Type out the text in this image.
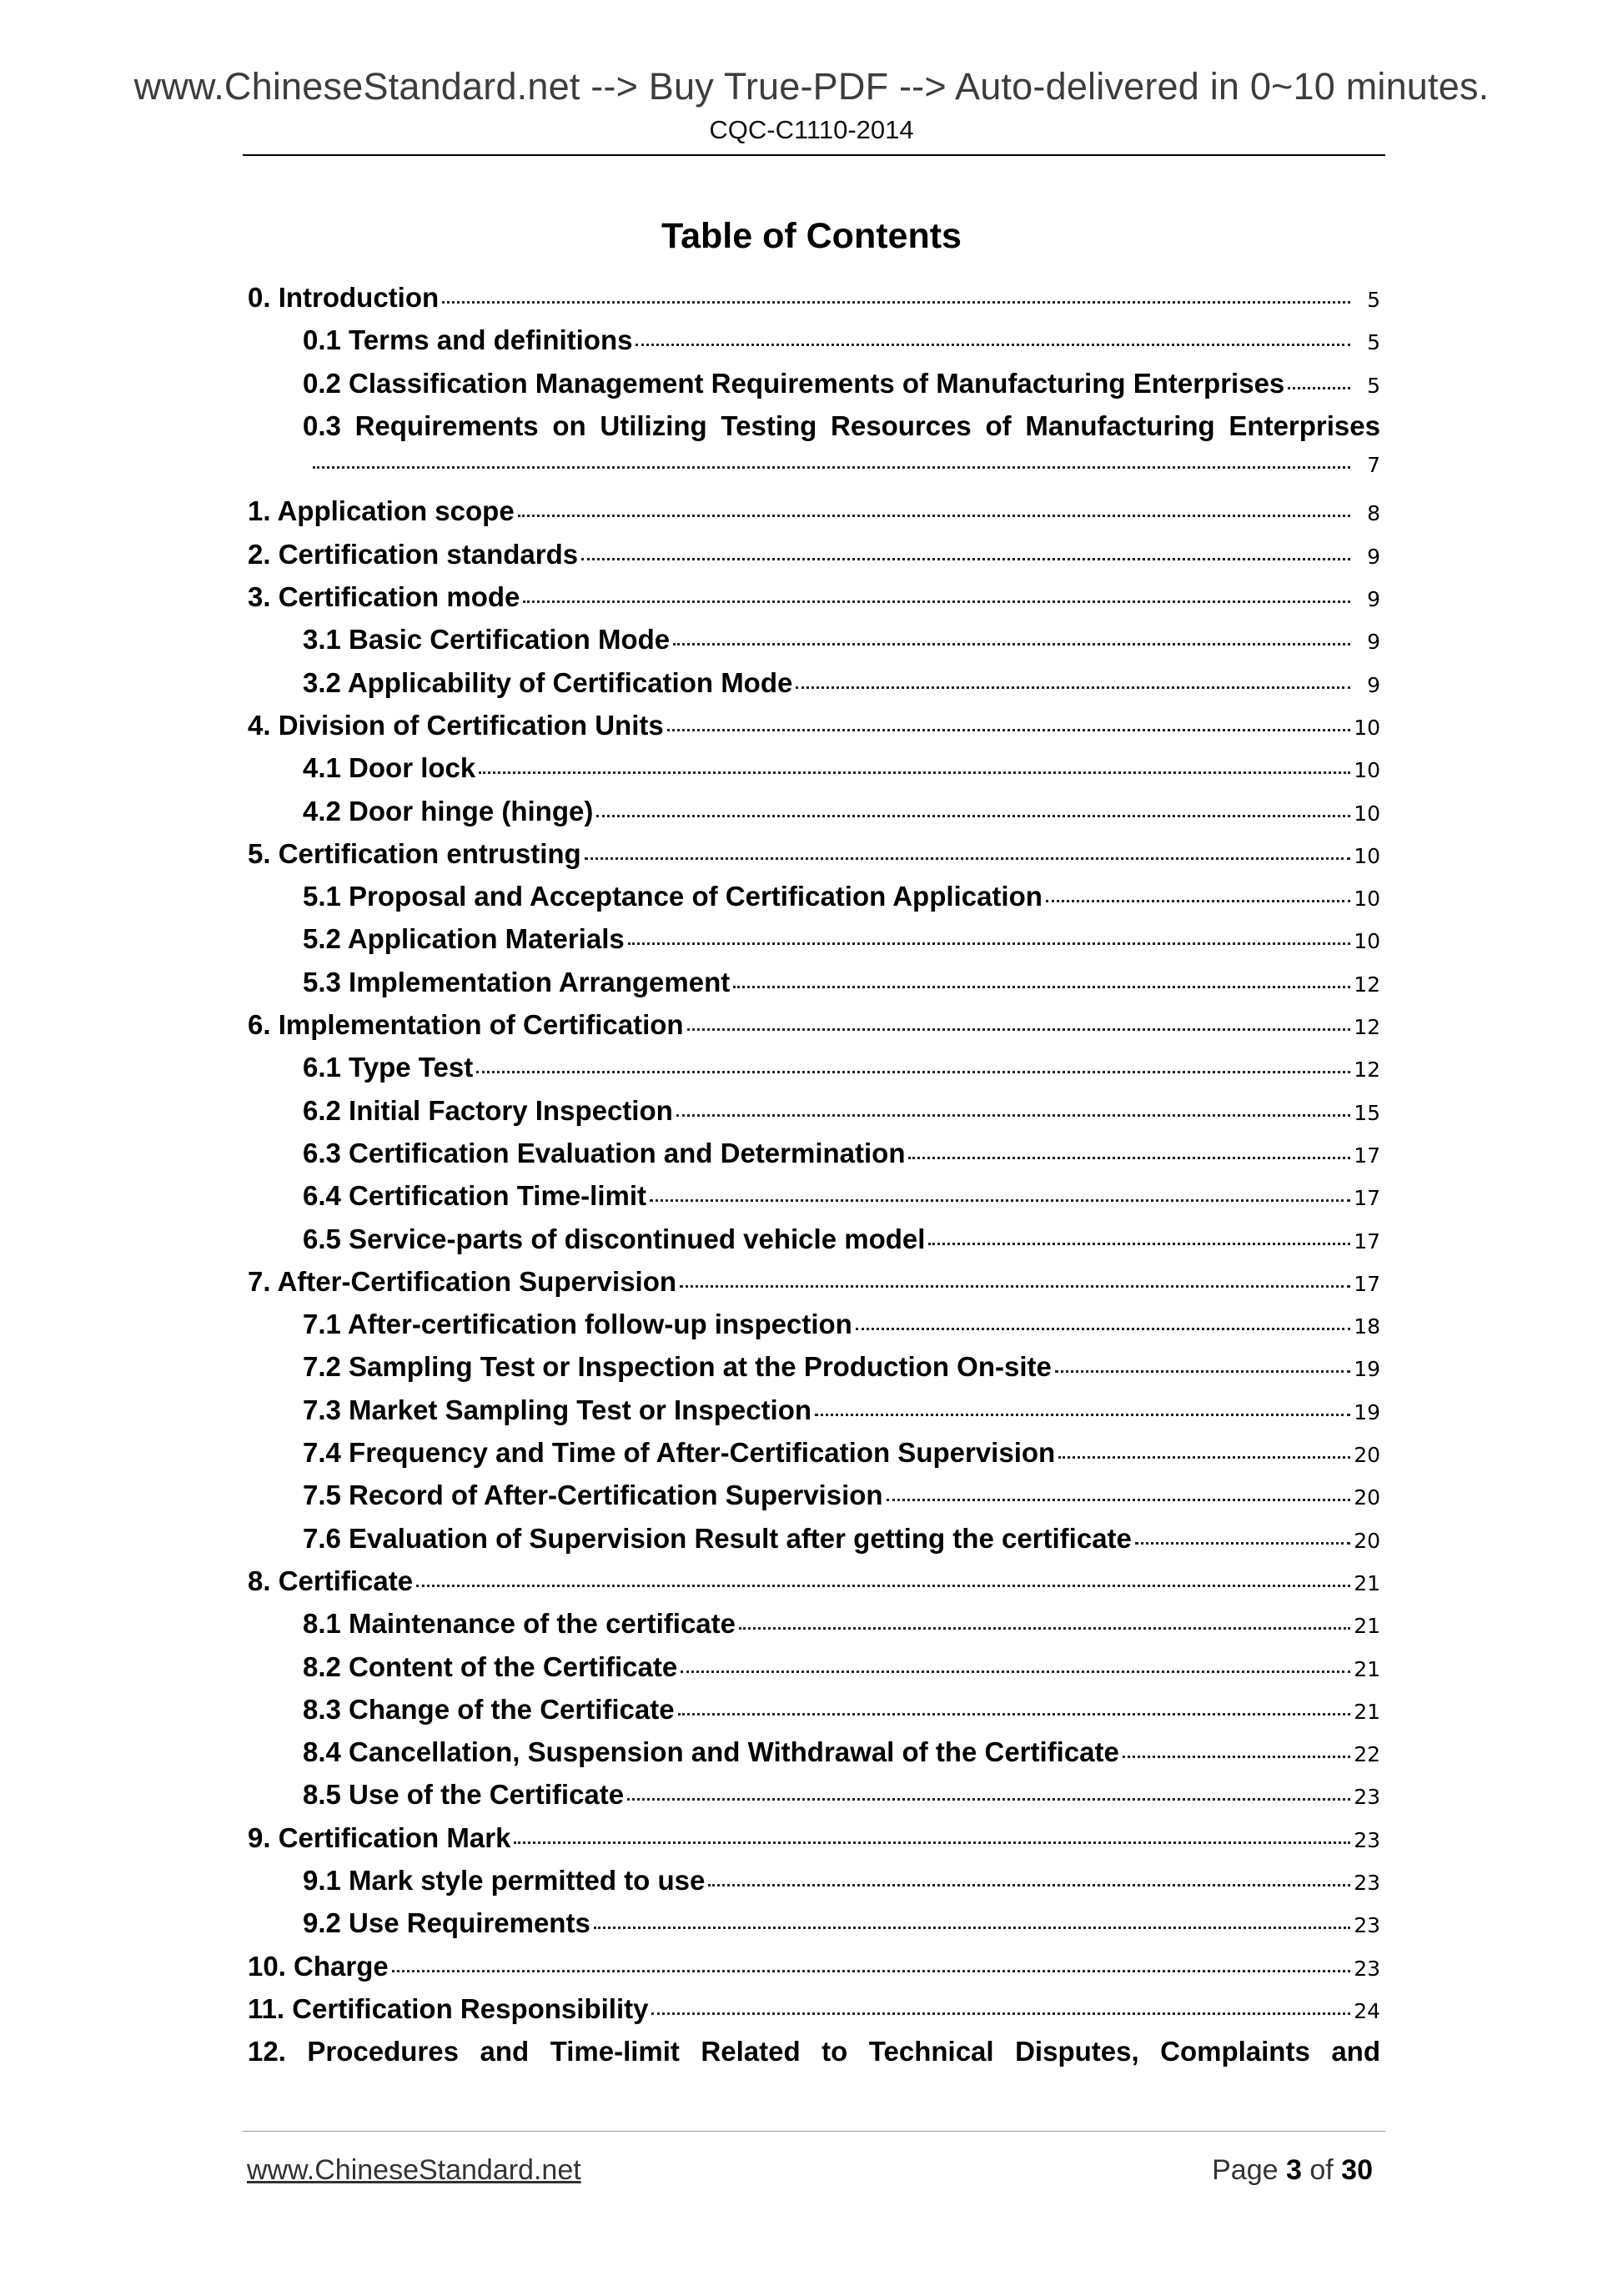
www.ChineseStandard.net --> Buy True-PDF --> Auto-delivered in 0~10 minutes.
CQC-C1110-2014
Table of Contents
0. Introduction	5
0.1 Terms and definitions	5
0.2 Classification Management Requirements of Manufacturing Enterprises	5
0.3 Requirements on Utilizing Testing Resources of Manufacturing Enterprises
7
1. Application scope	8
2. Certification standards	9
3. Certification mode	9
3.1 Basic Certification Mode	9
3.2 Applicability of Certification Mode	9
4. Division of Certification Units	10
4.1 Door lock	10
4.2 Door hinge (hinge)	10
5. Certification entrusting	10
5.1 Proposal and Acceptance of Certification Application	10
5.2 Application Materials	10
5.3 Implementation Arrangement	12
6. Implementation of Certification	12
6.1 Type Test	12
6.2 Initial Factory Inspection	15
6.3 Certification Evaluation and Determination	17
6.4 Certification Time-limit	17
6.5 Service-parts of discontinued vehicle model	17
7. After-Certification Supervision	17
7.1 After-certification follow-up inspection	18
7.2 Sampling Test or Inspection at the Production On-site	19
7.3 Market Sampling Test or Inspection	19
7.4 Frequency and Time of After-Certification Supervision	20
7.5 Record of After-Certification Supervision	20
7.6 Evaluation of Supervision Result after getting the certificate	20
8. Certificate	21
8.1 Maintenance of the certificate	21
8.2 Content of the Certificate	21
8.3 Change of the Certificate	21
8.4 Cancellation, Suspension and Withdrawal of the Certificate	22
8.5 Use of the Certificate	23
9. Certification Mark	23
9.1 Mark style permitted to use	23
9.2 Use Requirements	23
10. Charge	23
11. Certification Responsibility	24
12. Procedures and Time-limit Related to Technical Disputes, Complaints and
www.ChineseStandard.net	Page 3 of 30
